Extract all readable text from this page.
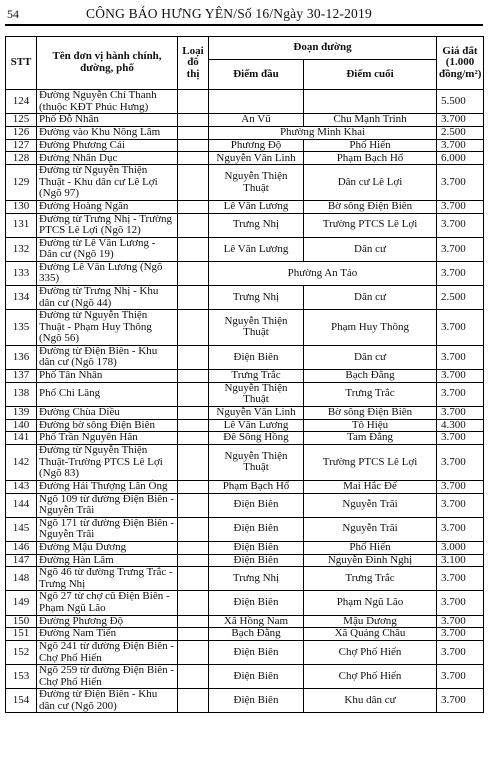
54	CÔNG BÁO HƯNG YÊN/Số 16/Ngày 30-12-2019
STT	Tên đơn vị hành chính, đường, phố	Loại đô thị	Đoạn đường		Giá đất (1.000 đồng/m²)
			Điểm đầu	Điểm cuối	
124	Đường Nguyễn Chí Thanh (thuộc KĐT Phúc Hưng)				5.500
125	Phố Đỗ Nhân		An Vũ	Chu Mạnh Trinh	3.700
126	Đường vào Khu Nông Lâm		Phường Minh Khai		2.500
127	Đường Phương Cái		Phương Độ	Phố Hiến	3.700
128	Đường Nhân Dục		Nguyễn Văn Linh	Phạm Bạch Hổ	6.000
129	Đường từ Nguyễn Thiện Thuật - Khu dân cư Lê Lợi (Ngõ 97)		Nguyễn Thiện Thuật	Dân cư Lê Lợi	3.700
130	Đường Hoàng Ngân		Lê Văn Lương	Bờ sông Điện Biên	3.700
131	Đường từ Trưng Nhị - Trường PTCS Lê Lợi (Ngõ 12)		Trưng Nhị	Trường PTCS Lê Lợi	3.700
132	Đường từ Lê Văn Lương - Dân cư (Ngõ 19)		Lê Văn Lương	Dân cư	3.700
133	Đường Lê Văn Lương (Ngõ 335)		Phường An Tảo		3.700
134	Đường từ Trưng Nhị - Khu dân cư (Ngõ 44)		Trưng Nhị	Dân cư	2.500
135	Đường từ Nguyễn Thiện Thuật - Phạm Huy Thông (Ngõ 56)		Nguyễn Thiện Thuật	Phạm Huy Thông	3.700
136	Đường từ Điện Biên - Khu dân cư (Ngõ 178)		Điện Biên	Dân cư	3.700
137	Phố Tân Nhân		Trưng Trắc	Bạch Đằng	3.700
138	Phố Chi Lăng		Nguyễn Thiện Thuật	Trưng Trắc	3.700
139	Đường Chùa Diều		Nguyễn Văn Linh	Bờ sông Điện Biên	3.700
140	Đường bờ sông Điện Biên		Lê Văn Lương	Tô Hiệu	4.300
141	Phố Trần Nguyên Hãn		Đê Sông Hồng	Tam Đằng	3.700
142	Đường từ Nguyễn Thiện Thuật-Trường PTCS Lê Lợi (Ngõ 83)		Nguyễn Thiện Thuật	Trường PTCS Lê Lợi	3.700
143	Đường Hải Thượng Lãn Ông		Phạm Bạch Hổ	Mai Hắc Đế	3.700
144	Ngõ 109 từ đường Điện Biên - Nguyễn Trãi		Điện Biên	Nguyễn Trãi	3.700
145	Ngõ 171 từ đường Điện Biên - Nguyễn Trãi		Điện Biên	Nguyễn Trãi	3.700
146	Đường Mậu Dương		Điện Biên	Phố Hiến	3.000
147	Đường Hàn Lâm		Điện Biên	Nguyễn Đình Nghị	3.100
148	Ngõ 46 từ đường Trưng Trắc - Trưng Nhị		Trưng Nhị	Trưng Trắc	3.700
149	Ngõ 27 từ chợ cũ Điện Biên - Phạm Ngũ Lão		Điện Biên	Phạm Ngũ Lão	3.700
150	Đường Phương Độ		Xã Hồng Nam	Mậu Dương	3.700
151	Đường Nam Tiến		Bạch Đằng	Xã Quảng Châu	3.700
152	Ngõ 241 từ đường Điện Biên - Chợ Phố Hiến		Điện Biên	Chợ Phố Hiến	3.700
153	Ngõ 259 từ đường Điện Biên - Chợ Phố Hiến		Điện Biên	Chợ Phố Hiến	3.700
154	Đường từ Điện Biên - Khu dân cư (Ngõ 200)		Điện Biên	Khu dân cư	3.700
